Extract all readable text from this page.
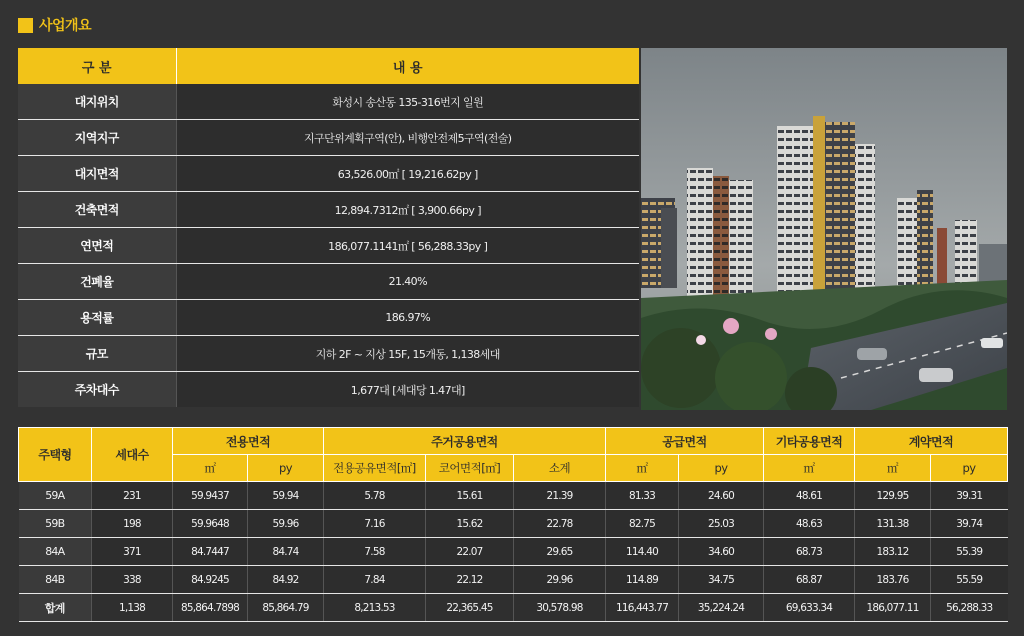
사업개요
구 분	내 용
대지위치	화성시 송산동 135-316번지 일원
지역지구	지구단위계획구역(안), 비행안전제5구역(전술)
대지면적	63,526.00㎡ [ 19,216.62py ]
건축면적	12,894.7312㎡ [ 3,900.66py ]
연면적	186,077.1141㎡ [ 56,288.33py ]
건폐율	21.40%
용적률	186.97%
규모	지하 2F ~ 지상 15F, 15개동, 1,138세대
주차대수	1,677대 [세대당 1.47대]
주택형	세대수	전용면적		주거공용면적			공급면적		기타공용면적	계약면적	
		㎡	py	전용공유면적[㎡]	코어면적[㎡]	소계	㎡	py	㎡	㎡	py
59A	231	59.9437	59.94	5.78	15.61	21.39	81.33	24.60	48.61	129.95	39.31
59B	198	59.9648	59.96	7.16	15.62	22.78	82.75	25.03	48.63	131.38	39.74
84A	371	84.7447	84.74	7.58	22.07	29.65	114.40	34.60	68.73	183.12	55.39
84B	338	84.9245	84.92	7.84	22.12	29.96	114.89	34.75	68.87	183.76	55.59
합계	1,138	85,864.7898	85,864.79	8,213.53	22,365.45	30,578.98	116,443.77	35,224.24	69,633.34	186,077.11	56,288.33
